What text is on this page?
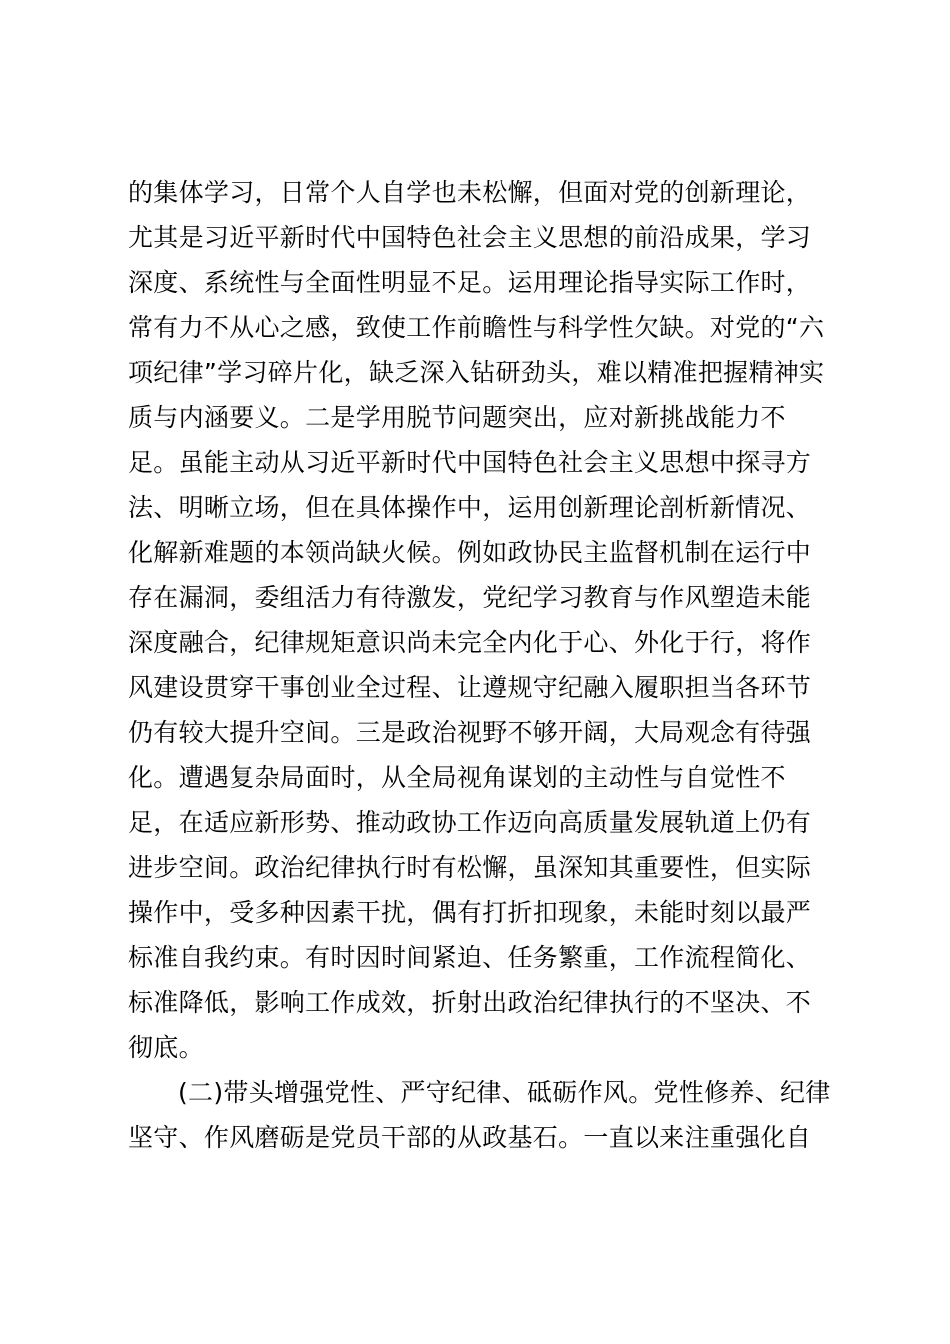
的集体学习，日常个人自学也未松懈，但面对党的创新理论，
尤其是习近平新时代中国特色社会主义思想的前沿成果，学习
深度、系统性与全面性明显不足。运用理论指导实际工作时，
常有力不从心之感，致使工作前瞻性与科学性欠缺。对党的“六
项纪律”学习碎片化，缺乏深入钻研劲头，难以精准把握精神实
质与内涵要义。二是学用脱节问题突出，应对新挑战能力不
足。虽能主动从习近平新时代中国特色社会主义思想中探寻方
法、明晰立场，但在具体操作中，运用创新理论剖析新情况、
化解新难题的本领尚缺火候。例如政协民主监督机制在运行中
存在漏洞，委组活力有待激发，党纪学习教育与作风塑造未能
深度融合，纪律规矩意识尚未完全内化于心、外化于行，将作
风建设贯穿干事创业全过程、让遵规守纪融入履职担当各环节
仍有较大提升空间。三是政治视野不够开阔，大局观念有待强
化。遭遇复杂局面时，从全局视角谋划的主动性与自觉性不
足，在适应新形势、推动政协工作迈向高质量发展轨道上仍有
进步空间。政治纪律执行时有松懈，虽深知其重要性，但实际
操作中，受多种因素干扰，偶有打折扣现象，未能时刻以最严
标准自我约束。有时因时间紧迫、任务繁重，工作流程简化、
标准降低，影响工作成效，折射出政治纪律执行的不坚决、不
彻底。
(二)带头增强党性、严守纪律、砥砺作风。党性修养、纪律
坚守、作风磨砺是党员干部的从政基石。一直以来注重强化自
